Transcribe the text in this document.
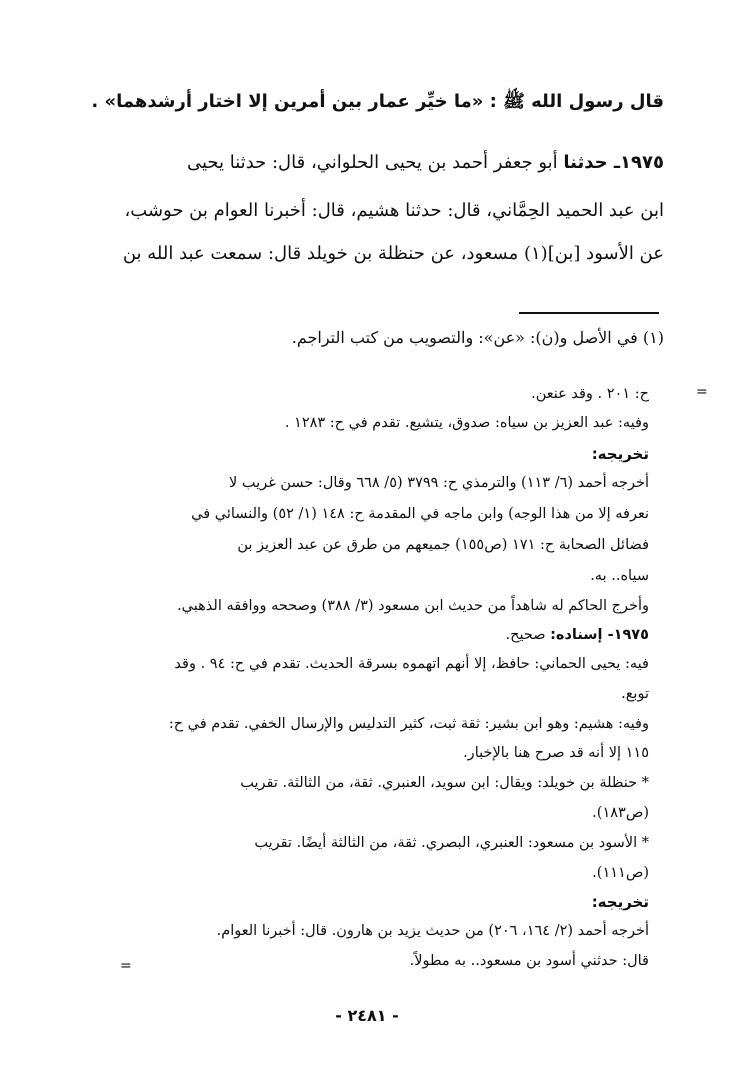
قال رسول الله ﷺ : «ما خيِّر عمار بين أمرين إلا اختار أرشدهما» .
١٩٧٥ـ حدثنا أبو جعفر أحمد بن يحيى الحلواني، قال: حدثنا يحيى
ابن عبد الحميد الحِمَّاني، قال: حدثنا هشيم، قال: أخبرنا العوام بن حوشب،
عن الأسود [بن](١) مسعود، عن حنظلة بن خويلد قال: سمعت عبد الله بن
(١) في الأصل و(ن): «عن»: والتصويب من كتب التراجم.
=
ح: ٢٠١ . وقد عنعن.
وفيه: عبد العزيز بن سياه: صدوق، يتشيع. تقدم في ح: ١٢٨٣ .
تخريجه:
أخرجه أحمد (٦/ ١١٣) والترمذي ح: ٣٧٩٩ (٥/ ٦٦٨ وقال: حسن غريب لا
نعرفه إلا من هذا الوجه) وابن ماجه في المقدمة ح: ١٤٨ (١/ ٥٢) والنسائي في
فضائل الصحابة ح: ١٧١ (ص١٥٥) جميعهم من طرق عن عبد العزيز بن
سياه.. به.
وأخرج الحاكم له شاهداً من حديث ابن مسعود (٣/ ٣٨٨) وصححه ووافقه الذهبي.
١٩٧٥- إسناده: صحيح.
فيه: يحيى الحماني: حافظ، إلا أنهم اتهموه بسرقة الحديث. تقدم في ح: ٩٤ . وقد
توبع.
وفيه: هشيم: وهو ابن بشير: ثقة ثبت، كثير التدليس والإرسال الخفي. تقدم في ح:
١١٥ إلا أنه قد صرح هنا بالإخبار.
* حنظلة بن خويلد: ويقال: ابن سويد، العنبري. ثقة، من الثالثة. تقريب
(ص١٨٣).
* الأسود بن مسعود: العنبري، البصري. ثقة، من الثالثة أيضًا. تقريب
(ص١١١).
تخريجه:
أخرجه أحمد (٢/ ١٦٤، ٢٠٦) من حديث يزيد بن هارون. قال: أخبرنا العوام.
قال: حدثني أسود بن مسعود.. به مطولاً.
=
- ٢٤٨١ -
